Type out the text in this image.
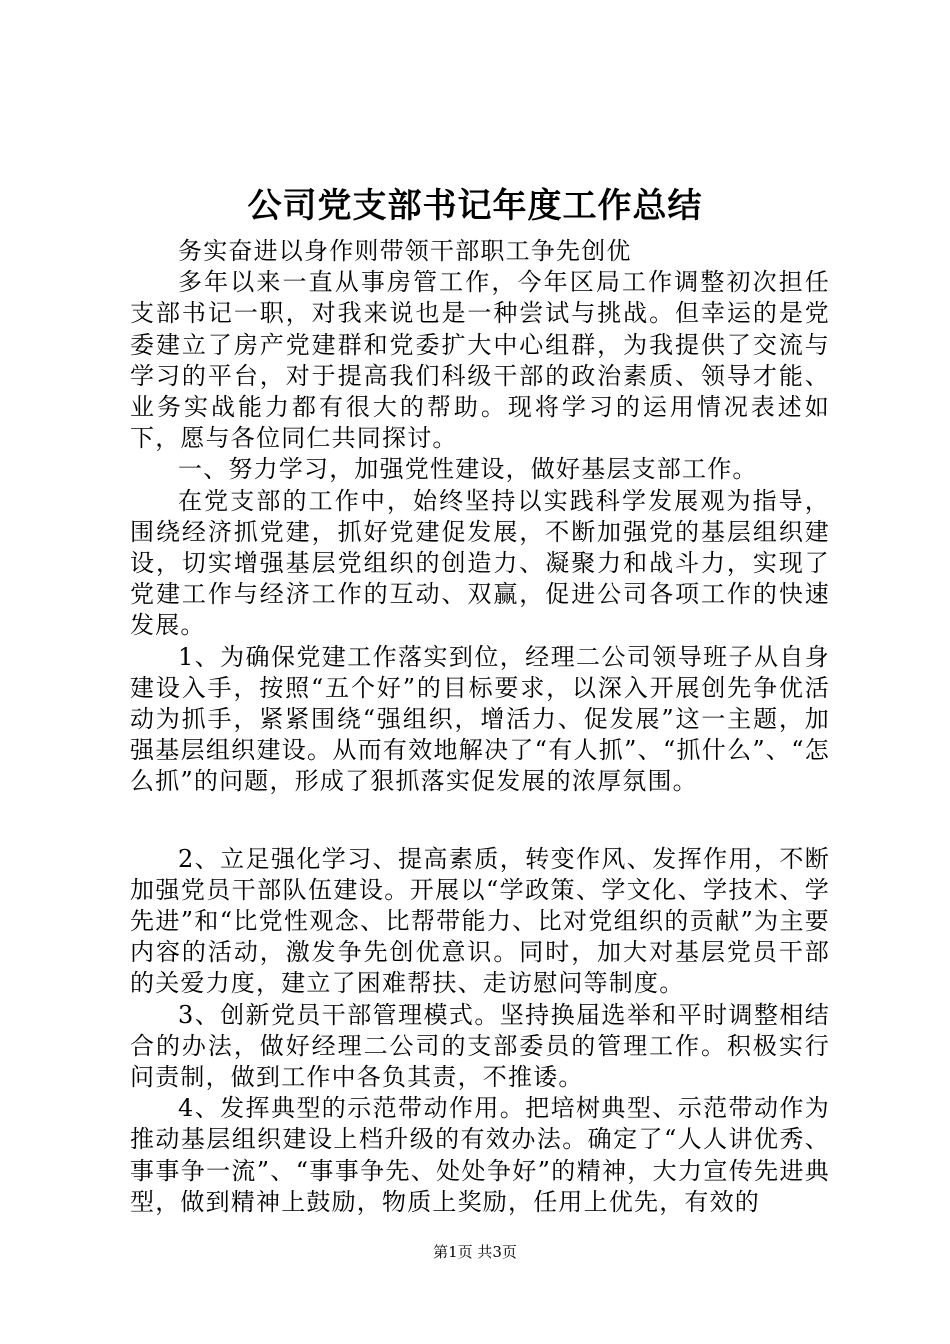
公司党支部书记年度工作总结

务实奋进以身作则带领干部职工争先创优

多年以来一直从事房管工作，今年区局工作调整初次担任支部书记一职，对我来说也是一种尝试与挑战。但幸运的是党委建立了房产党建群和党委扩大中心组群，为我提供了交流与学习的平台，对于提高我们科级干部的政治素质、领导才能、业务实战能力都有很大的帮助。现将学习的运用情况表述如下，愿与各位同仁共同探讨。

一、努力学习，加强党性建设，做好基层支部工作。

在党支部的工作中，始终坚持以实践科学发展观为指导，围绕经济抓党建，抓好党建促发展，不断加强党的基层组织建设，切实增强基层党组织的创造力、凝聚力和战斗力，实现了党建工作与经济工作的互动、双赢，促进公司各项工作的快速发展。

1、为确保党建工作落实到位，经理二公司领导班子从自身建设入手，按照“五个好”的目标要求，以深入开展创先争优活动为抓手，紧紧围绕“强组织，增活力、促发展”这一主题，加强基层组织建设。从而有效地解决了“有人抓”、“抓什么”、“怎么抓”的问题，形成了狠抓落实促发展的浓厚氛围。

2、立足强化学习、提高素质，转变作风、发挥作用，不断加强党员干部队伍建设。开展以“学政策、学文化、学技术、学先进”和“比党性观念、比帮带能力、比对党组织的贡献”为主要内容的活动，激发争先创优意识。同时，加大对基层党员干部的关爱力度，建立了困难帮扶、走访慰问等制度。

3、创新党员干部管理模式。坚持换届选举和平时调整相结合的办法，做好经理二公司的支部委员的管理工作。积极实行问责制，做到工作中各负其责，不推诿。

4、发挥典型的示范带动作用。把培树典型、示范带动作为推动基层组织建设上档升级的有效办法。确定了“人人讲优秀、事事争一流”、“事事争先、处处争好”的精神，大力宣传先进典型，做到精神上鼓励，物质上奖励，任用上优先，有效的

第1页 共3页
